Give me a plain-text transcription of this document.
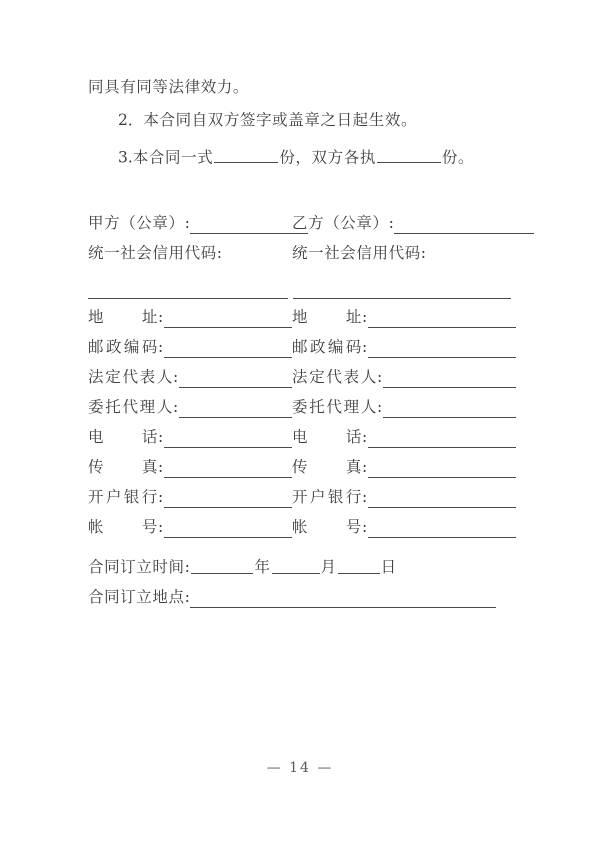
同具有同等法律效力。
2．本合同自双方签字或盖章之日起生效。
3.本合同一式	份，双方各执	份。
甲方（公章）:	乙方（公章）:
统一社会信用代码:	统一社会信用代码:
地 址:	地 址:
邮政编码:	邮政编码:
法定代表人:	法定代表人:
委托代理人:	委托代理人:
电 话:	电 话:
传 真:	传 真:
开户银行:	开户银行:
帐 号:	帐 号:
合同订立时间:	年	月	日
合同订立地点:
— 14 —
